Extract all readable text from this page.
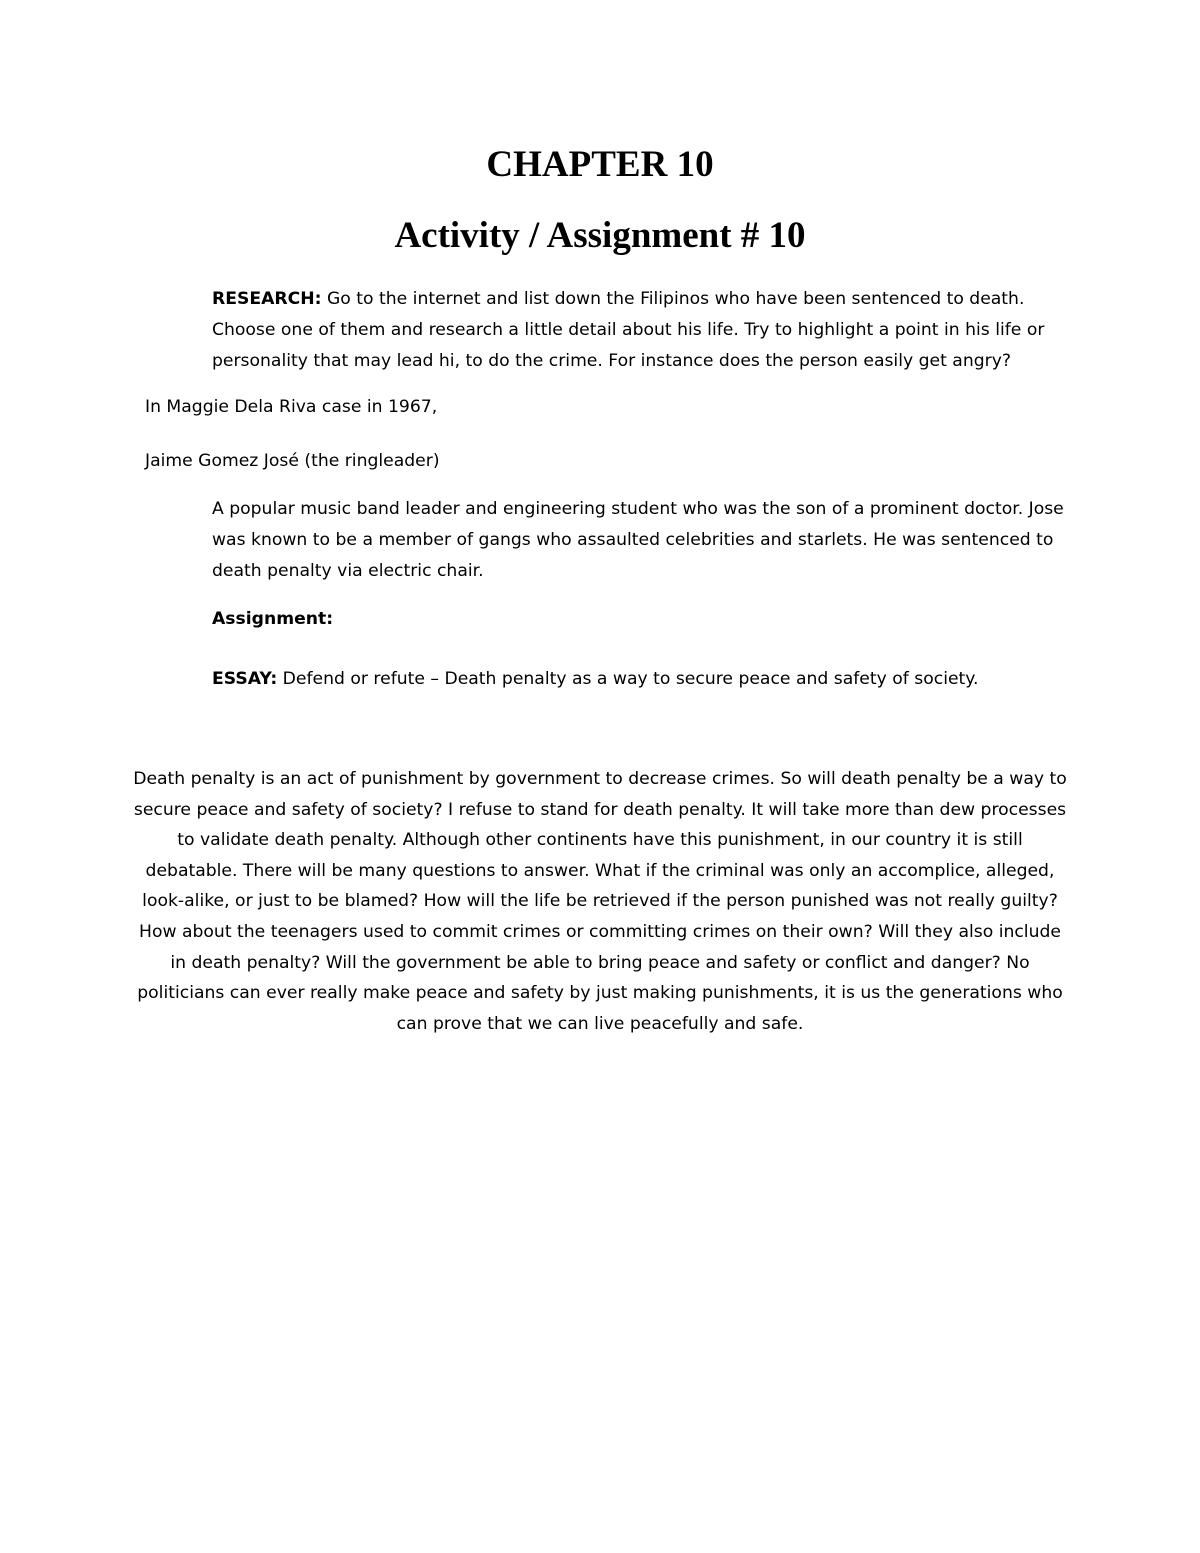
CHAPTER 10
Activity / Assignment # 10

RESEARCH: Go to the internet and list down the Filipinos who have been sentenced to death. Choose one of them and research a little detail about his life. Try to highlight a point in his life or personality that may lead hi, to do the crime. For instance does the person easily get angry?

In Maggie Dela Riva case in 1967,

Jaime Gomez José (the ringleader)

A popular music band leader and engineering student who was the son of a prominent doctor. Jose was known to be a member of gangs who assaulted celebrities and starlets. He was sentenced to death penalty via electric chair.

Assignment:

ESSAY: Defend or refute – Death penalty as a way to secure peace and safety of society.

Death penalty is an act of punishment by government to decrease crimes. So will death penalty be a way to secure peace and safety of society? I refuse to stand for death penalty. It will take more than dew processes to validate death penalty. Although other continents have this punishment, in our country it is still debatable. There will be many questions to answer. What if the criminal was only an accomplice, alleged, look-alike, or just to be blamed? How will the life be retrieved if the person punished was not really guilty? How about the teenagers used to commit crimes or committing crimes on their own? Will they also include in death penalty? Will the government be able to bring peace and safety or conflict and danger? No politicians can ever really make peace and safety by just making punishments, it is us the generations who can prove that we can live peacefully and safe.
